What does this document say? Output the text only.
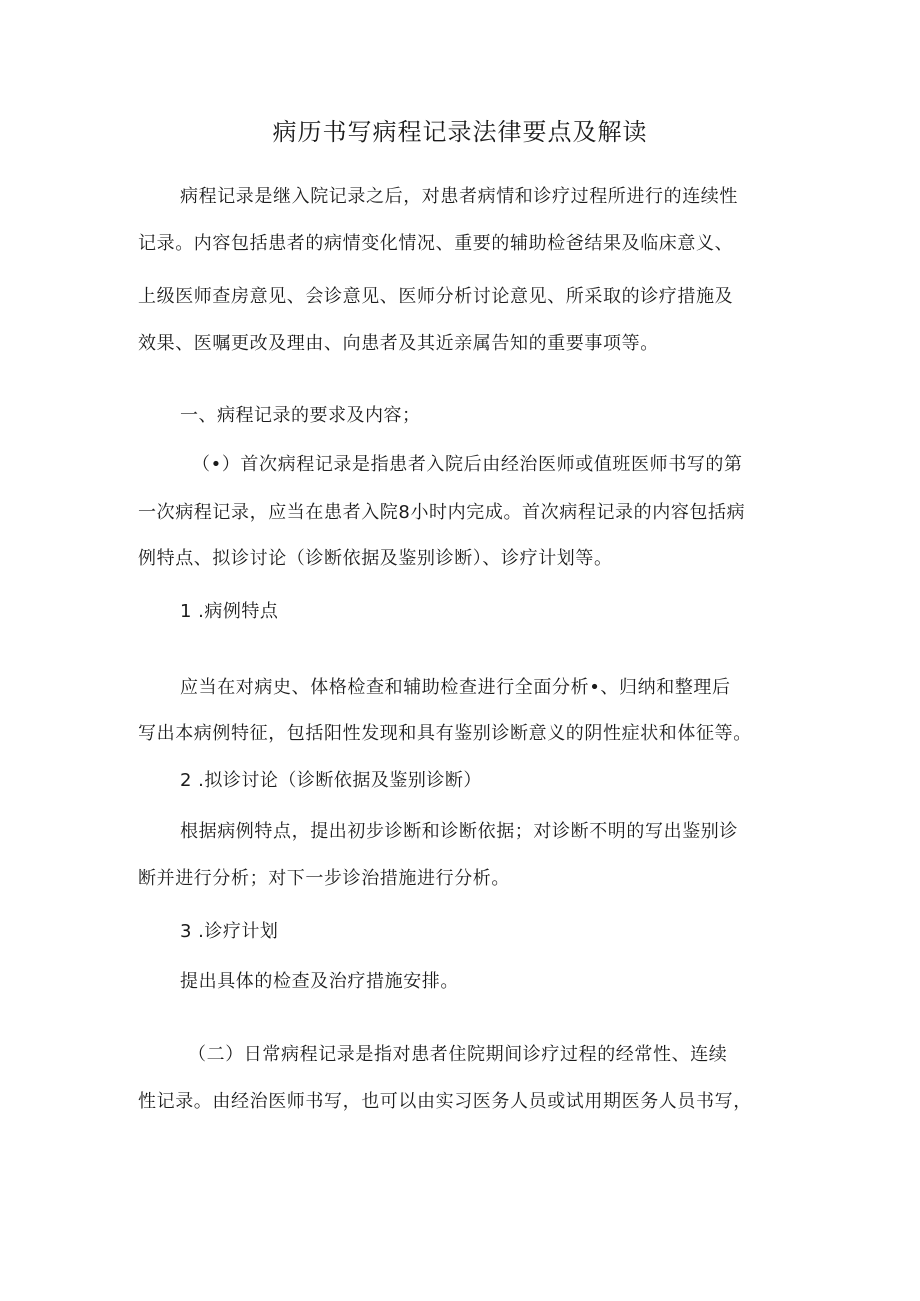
病历书写病程记录法律要点及解读
病程记录是继入院记录之后，对患者病情和诊疗过程所进行的连续性
记录。内容包括患者的病情变化情况、重要的辅助检爸结果及临床意义、
上级医师查房意见、会诊意见、医师分析讨论意见、所采取的诊疗措施及
效果、医嘱更改及理由、向患者及其近亲属告知的重要事项等。
一、病程记录的要求及内容；
（•）首次病程记录是指患者入院后由经治医师或值班医师书写的第
一次病程记录，应当在患者入院8小时内完成。首次病程记录的内容包括病
例特点、拟诊讨论（诊断依据及鉴别诊断）、诊疗计划等。
1 .病例特点
应当在对病史、体格检查和辅助检查进行全面分析•、归纳和整理后
写出本病例特征，包括阳性发现和具有鉴别诊断意义的阴性症状和体征等。
2 .拟诊讨论（诊断依据及鉴别诊断）
根据病例特点，提出初步诊断和诊断依据；对诊断不明的写出鉴别诊
断并进行分析；对下一步诊治措施进行分析。
3 .诊疗计划
提出具体的检查及治疗措施安排。
（二）日常病程记录是指对患者住院期间诊疗过程的经常性、连续
性记录。由经治医师书写，也可以由实习医务人员或试用期医务人员书写，
